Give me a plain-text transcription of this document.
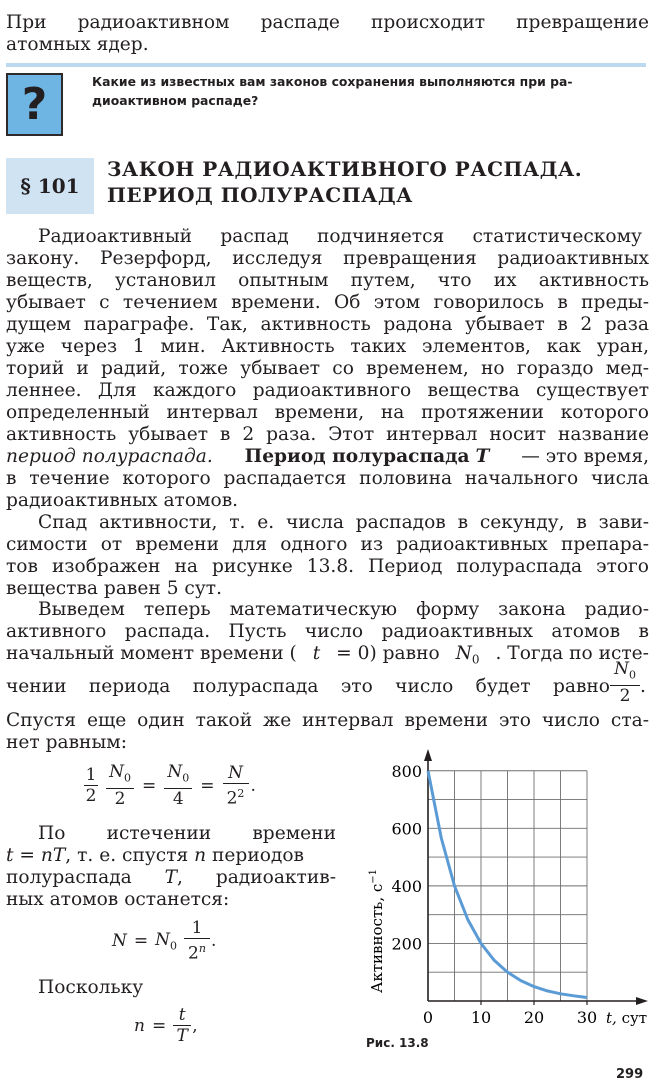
При радиоактивном распаде происходит превращение
атомных ядер.
?	Какие из известных вам законов сохранения выполняются при ра-
диоактивном распаде?
§ 101
ЗАКОН РАДИОАКТИВНОГО РАСПАДА.
ПЕРИОД ПОЛУРАСПАДА
Радиоактивный распад подчиняется статистическому
закону. Резерфорд, исследуя превращения радиоактивных
веществ, установил опытным путем, что их активность
убывает с течением времени. Об этом говорилось в преды-
дущем параграфе. Так, активность радона убывает в 2 раза
уже через 1 мин. Активность таких элементов, как уран,
торий и радий, тоже убывает со временем, но гораздо мед-
леннее. Для каждого радиоактивного вещества существует
определенный интервал времени, на протяжении которого
активность убывает в 2 раза. Этот интервал носит название
период полураспада. Период полураспада T — это время,
в течение которого распадается половина начального числа
радиоактивных атомов.
Спад активности, т. е. числа распадов в секунду, в зави-
симости от времени для одного из радиоактивных препара-
тов изображен на рисунке 13.8. Период полураспада этого
вещества равен 5 сут.
Выведем теперь математическую форму закона радио-
активного распада. Пусть число радиоактивных атомов в
начальный момент времени ( t = 0) равно $N_0$ . Тогда по исте-
чении периода полураспада это число будет равно
$N_0$
2 .
Спустя еще один такой же интервал времени это число ста-
нет равным:
1
$2 \frac{N_0}{2} = \frac{N_0}{4} = \frac{N}{2^2}$ .
По истечении времени
t = nT, т. е. спустя n периодов
полураспада T, радиоактив-
ных атомов останется:
$N = N_0$
1
2$^n$ .
Поскольку
$n = \frac{t}{T}$ ,	0 10 20 30
200
400
600
800
Активность, $с^{-1}$
t, сут
Рис. 13.8
299
